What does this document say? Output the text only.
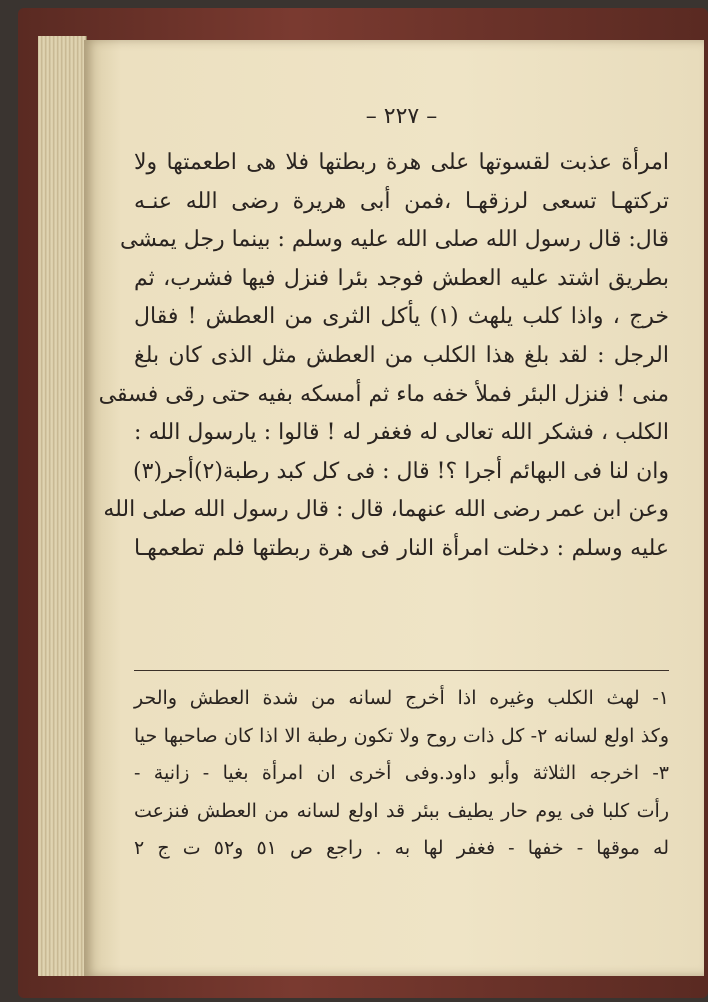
– ٢٢٧ –
امرأة عذبت لقسوتها على هرة ربطتها فلا هى اطعمتها ولا
تركتهـا تسعى لرزقهـا ،فمن أبى هريرة رضى الله عنـه
قال: قال رسول الله صلى الله عليه وسلم : بينما رجل يمشى
بطريق اشتد عليه العطش فوجد بئرا فنزل فيها فشرب، ثم
خرج ، واذا كلب يلهث (١) يأكل الثرى من العطش ! فقال
الرجل : لقد بلغ هذا الكلب من العطش مثل الذى كان بلغ
منى ! فنزل البئر فملأ خفه ماء ثم أمسكه بفيه حتى رقى فسقى
الكلب ، فشكر الله تعالى له فغفر له ! قالوا : يارسول الله :
وان لنا فى البهائم أجرا ؟! قال : فى كل كبد رطبة(٢)أجر(٣)
وعن ابن عمر رضى الله عنهما، قال : قال رسول الله صلى الله
عليه وسلم : دخلت امرأة النار فى هرة ربطتها فلم تطعمهـا
١- لهث الكلب وغيره اذا أخرج لسانه من شدة العطش والحر
وكذ اولع لسانه ٢- كل ذات روح ولا تكون رطبة الا اذا كان صاحبها حيا
٣- اخرجه الثلاثة وأبو داود.وفى أخرى ان امرأة بغيا - زانية -
رأت كلبا فى يوم حار يطيف ببئر قد اولع لسانه من العطش فنزعت
له موقها - خفها - فغفر لها به . راجع ص ٥١ و٥٢ ت ج ٢
